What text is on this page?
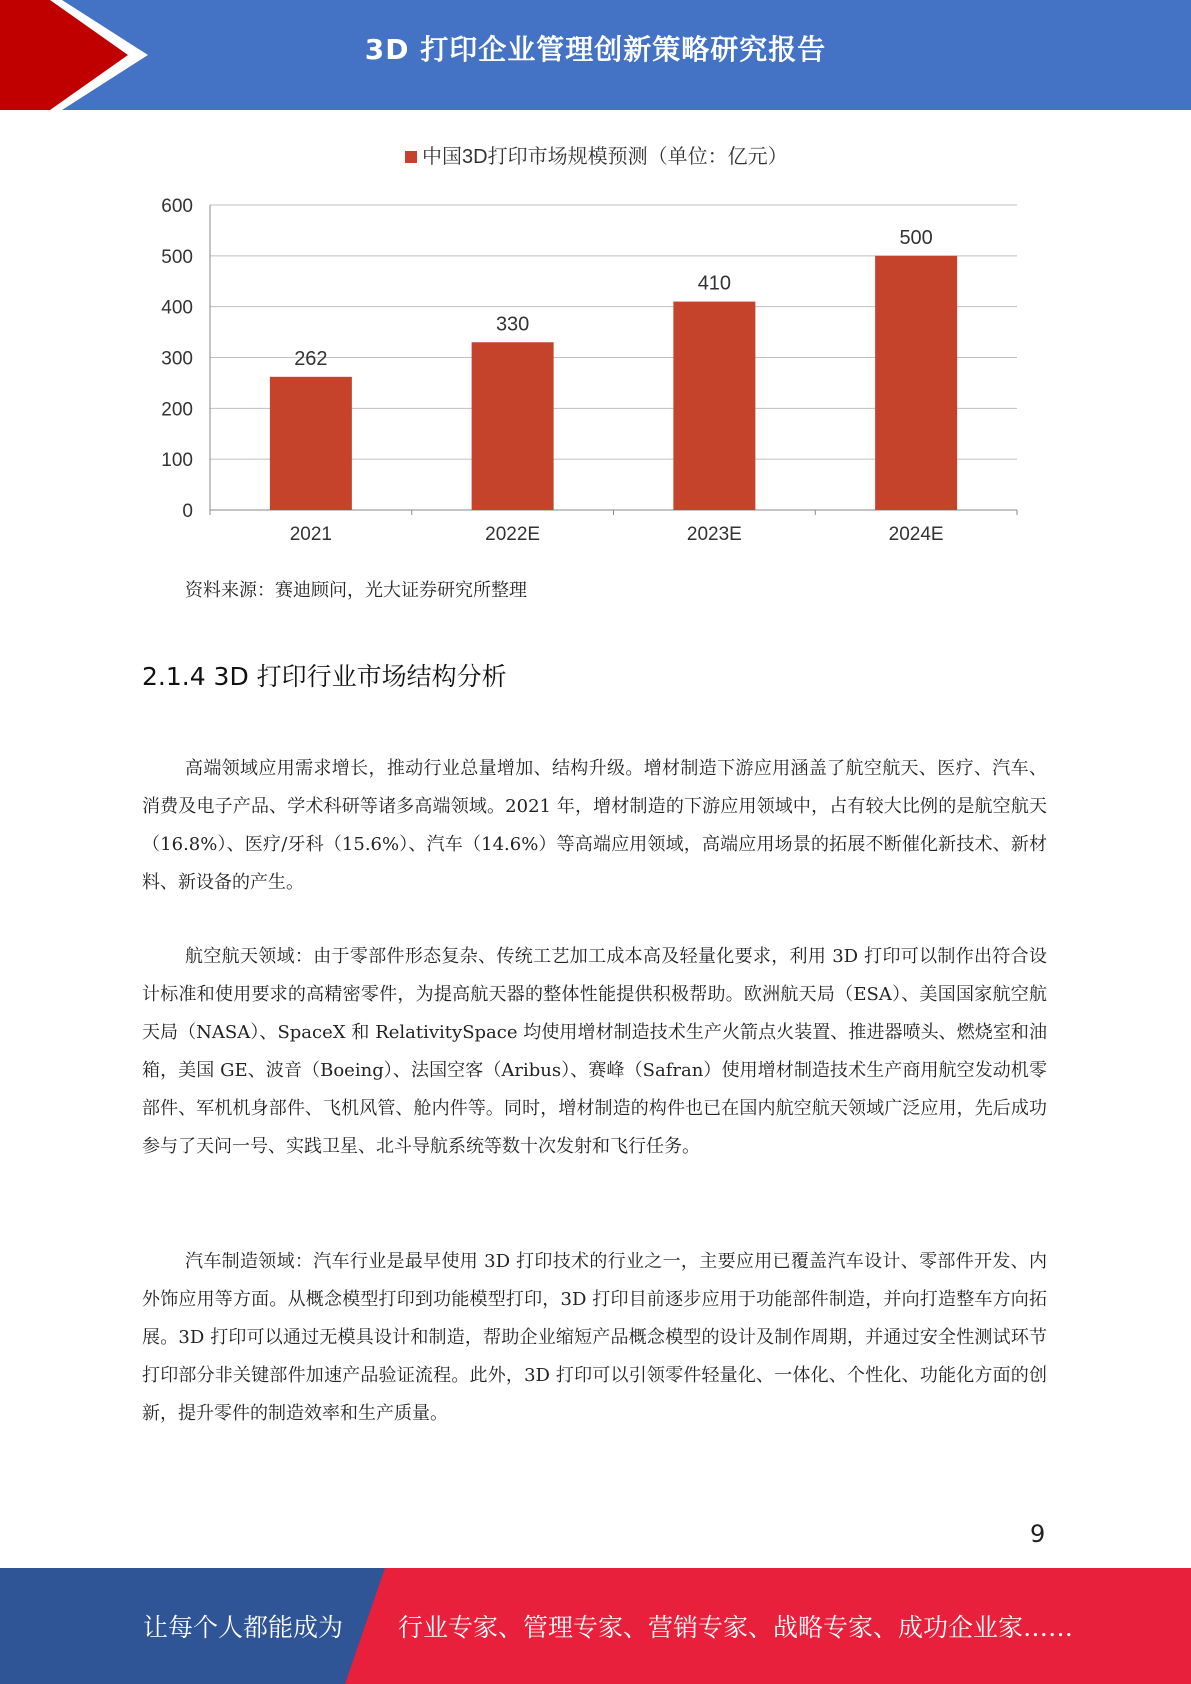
3D 打印企业管理创新策略研究报告
中国3D打印市场规模预测（单位：亿元）
0
100
200
300
400
500
600
262
2021
330
2022E
410
2023E
500
2024E
资料来源：赛迪顾问，光大证券研究所整理
2.1.4 3D 打印行业市场结构分析

高端领域应用需求增长，推动行业总量增加、结构升级。增材制造下游应用涵盖了航空航天、医疗、汽车、消费及电子产品、学术科研等诸多高端领域。2021 年，增材制造的下游应用领域中，占有较大比例的是航空航天（16.8%）、医疗/牙科（15.6%）、汽车（14.6%）等高端应用领域，高端应用场景的拓展不断催化新技术、新材料、新设备的产生。

航空航天领域：由于零部件形态复杂、传统工艺加工成本高及轻量化要求，利用 3D 打印可以制作出符合设计标准和使用要求的高精密零件，为提高航天器的整体性能提供积极帮助。欧洲航天局（ESA）、美国国家航空航天局（NASA）、SpaceX 和 RelativitySpace 均使用增材制造技术生产火箭点火装置、推进器喷头、燃烧室和油箱，美国 GE、波音（Boeing）、法国空客（Aribus）、赛峰（Safran）使用增材制造技术生产商用航空发动机零部件、军机机身部件、飞机风管、舱内件等。同时，增材制造的构件也已在国内航空航天领域广泛应用，先后成功参与了天问一号、实践卫星、北斗导航系统等数十次发射和飞行任务。

汽车制造领域：汽车行业是最早使用 3D 打印技术的行业之一，主要应用已覆盖汽车设计、零部件开发、内外饰应用等方面。从概念模型打印到功能模型打印，3D 打印目前逐步应用于功能部件制造，并向打造整车方向拓展。3D 打印可以通过无模具设计和制造，帮助企业缩短产品概念模型的设计及制作周期，并通过安全性测试环节打印部分非关键部件加速产品验证流程。此外，3D 打印可以引领零件轻量化、一体化、个性化、功能化方面的创新，提升零件的制造效率和生产质量。

9
让每个人都能成为 行业专家、管理专家、营销专家、战略专家、成功企业家……
